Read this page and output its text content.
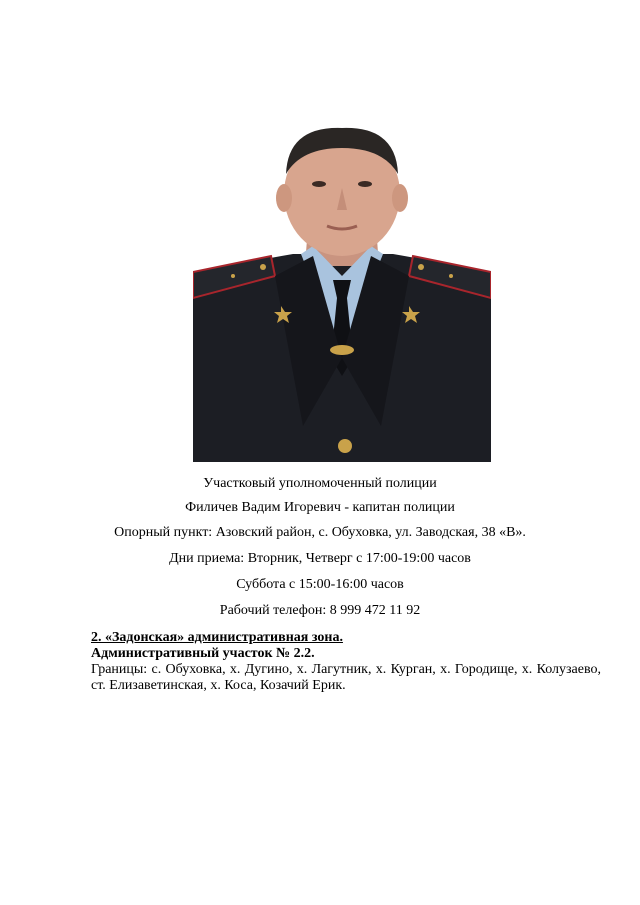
Участковый уполномоченный полиции
Филичев Вадим Игоревич - капитан полиции
Опорный пункт: Азовский район, с. Обуховка, ул. Заводская, 38 «В».
Дни приема: Вторник, Четверг с 17:00-19:00 часов
Суббота с 15:00-16:00 часов
Рабочий телефон: 8 999 472 11 92
2. «Задонская» административная зона.
Административный участок № 2.2.
Границы: с. Обуховка, х. Дугино, х. Лагутник, х. Курган, х. Городище, х. Колузаево, ст. Елизаветинская, х. Коса, Козачий Ерик.
